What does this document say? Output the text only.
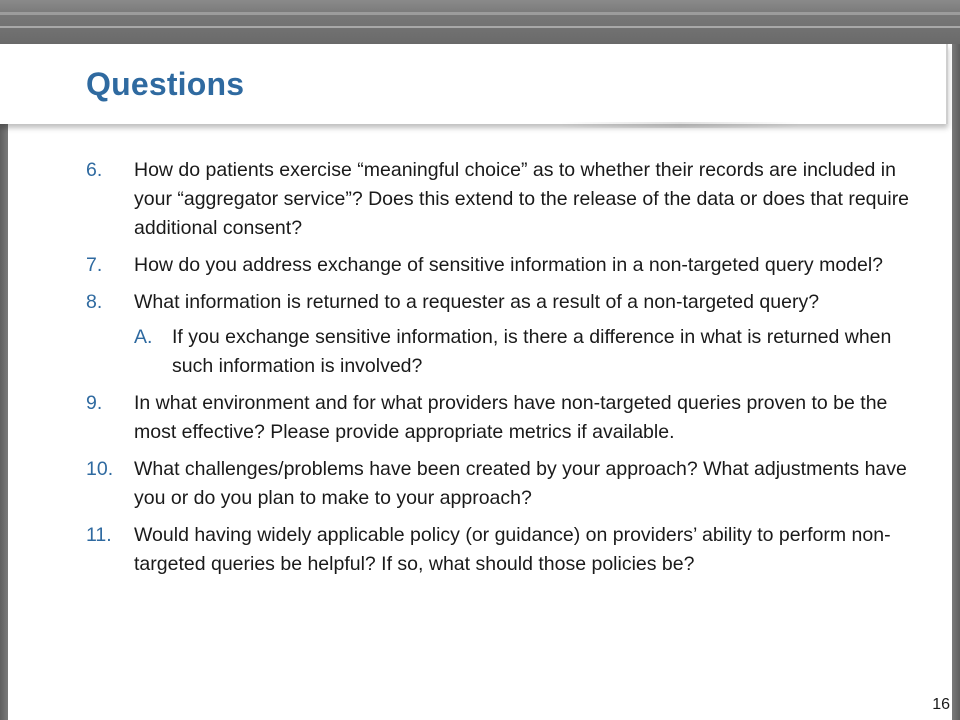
Questions
6. How do patients exercise “meaningful choice” as to whether their records are included in your “aggregator service”? Does this extend to the release of the data or does that require additional consent?
7. How do you address exchange of sensitive information in a non-targeted query model?
8. What information is returned to a requester as a result of a non-targeted query?
A. If you exchange sensitive information, is there a difference in what is returned when such information is involved?
9. In what environment and for what providers have non-targeted queries proven to be the most effective? Please provide appropriate metrics if available.
10. What challenges/problems have been created by your approach? What adjustments have you or do you plan to make to your approach?
11. Would having widely applicable policy (or guidance) on providers’ ability to perform non-targeted queries be helpful? If so, what should those policies be?
16
